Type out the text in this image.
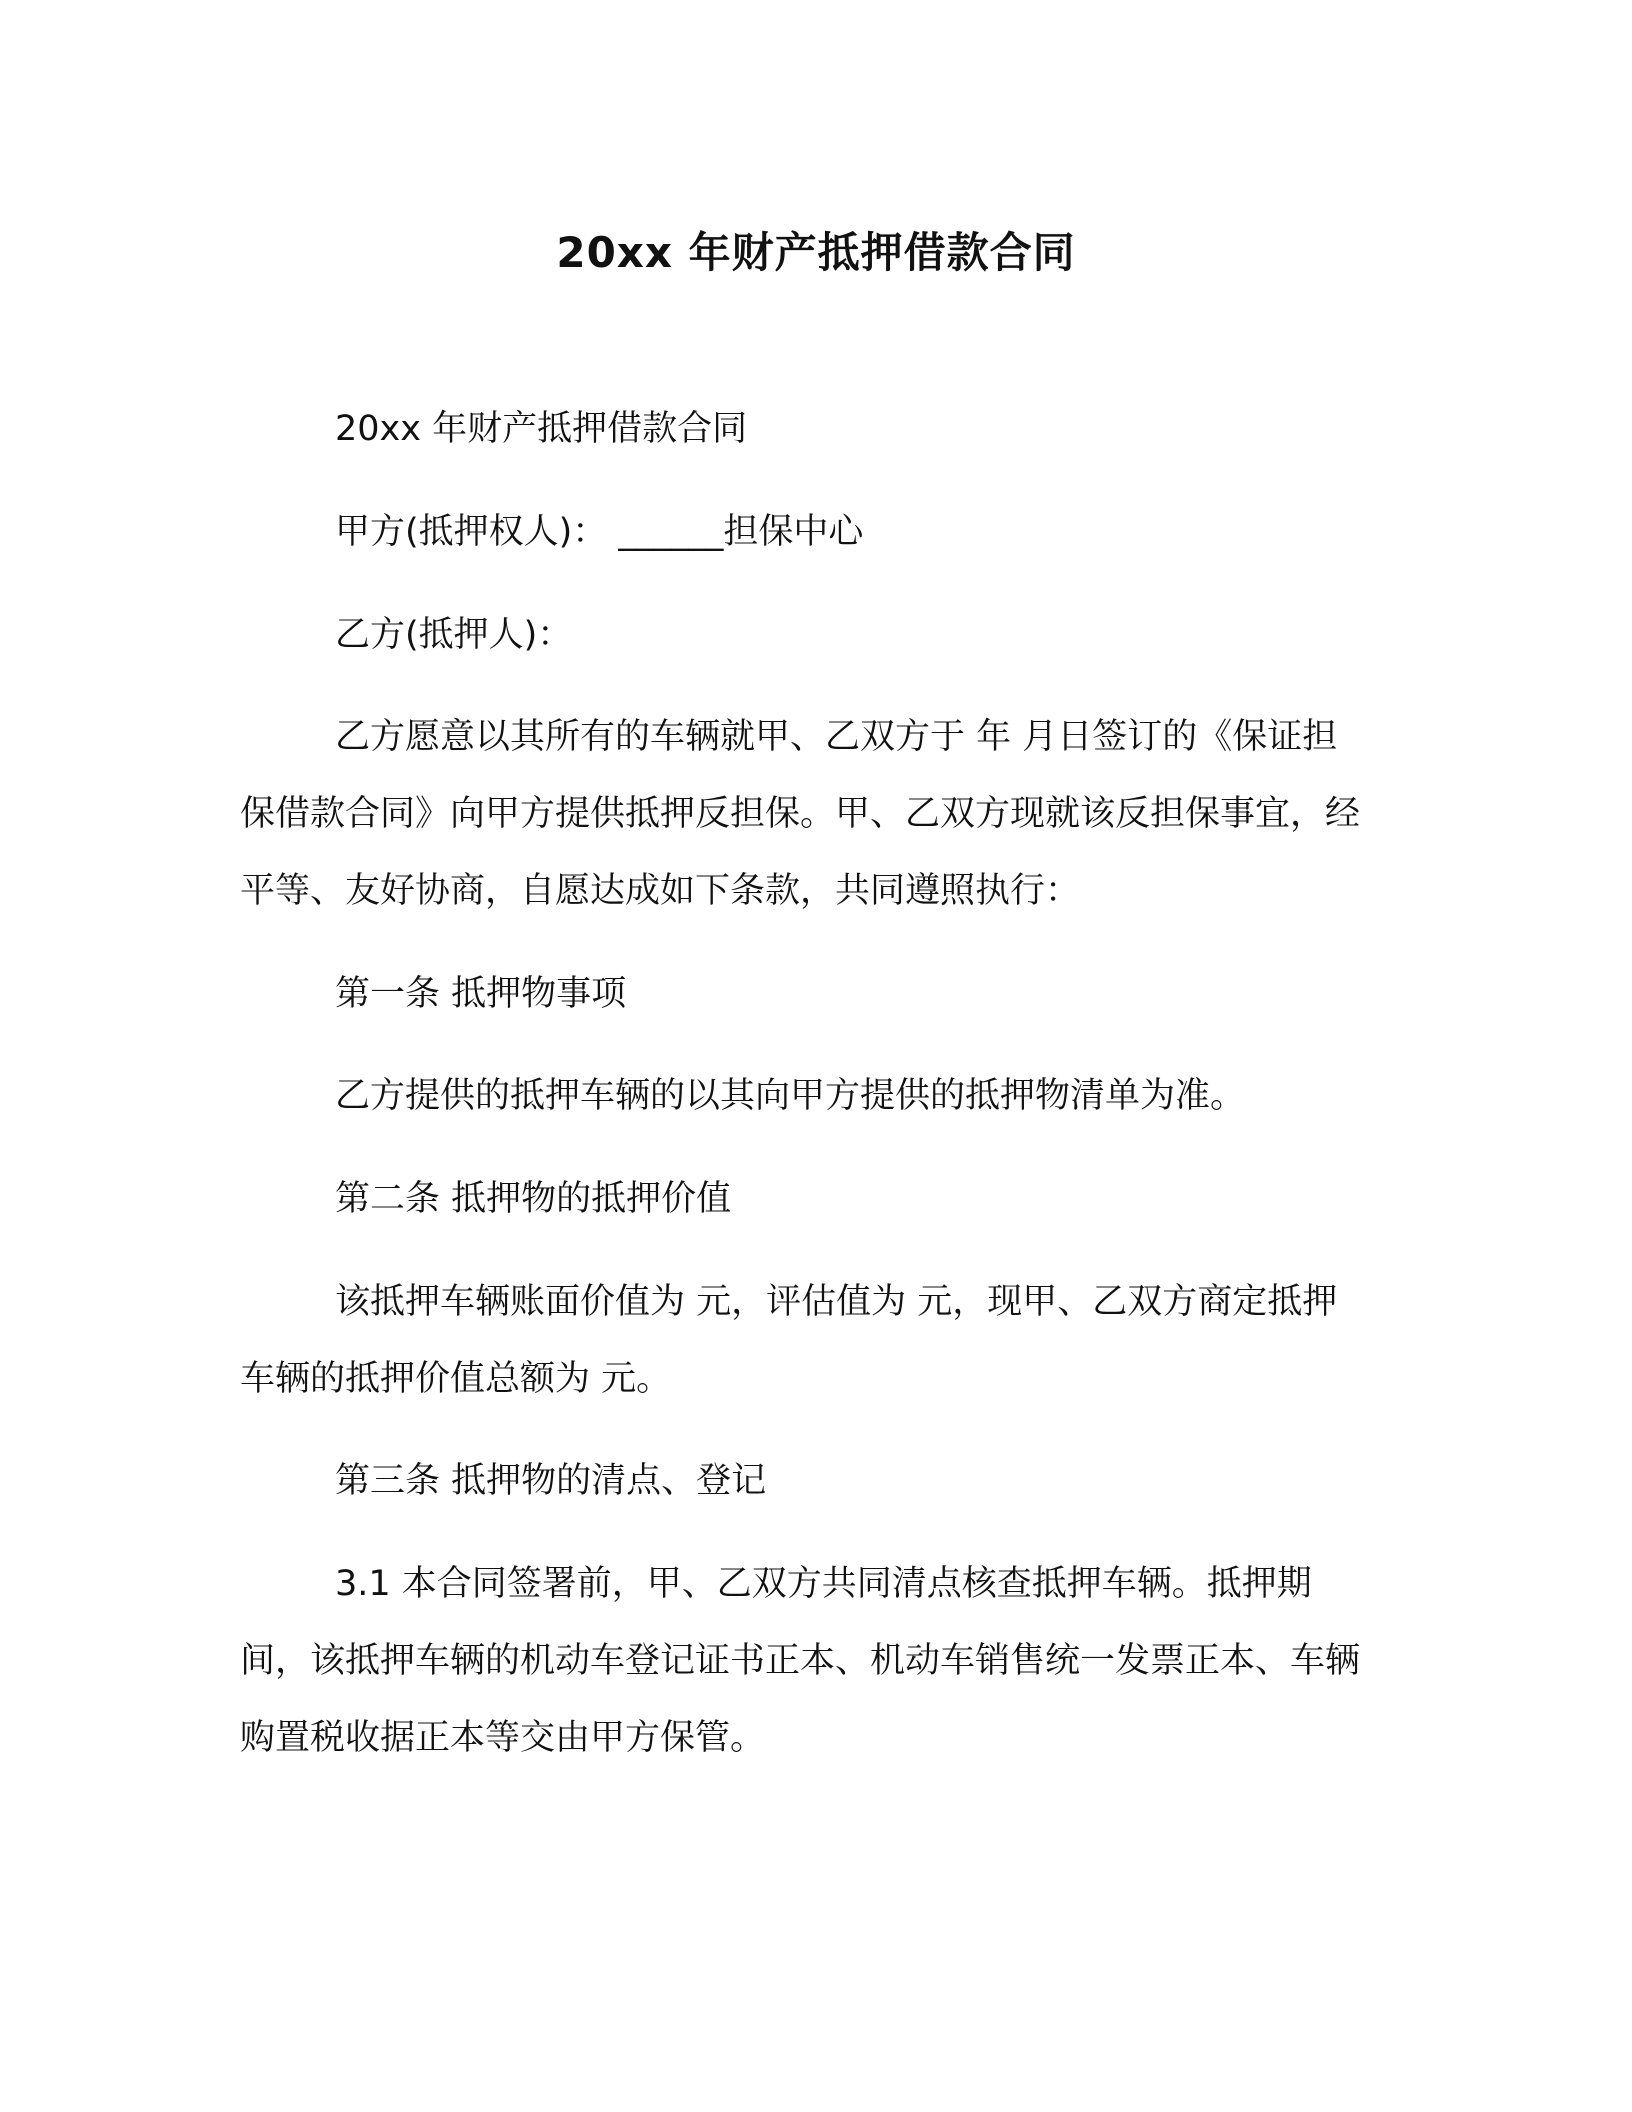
20xx 年财产抵押借款合同

20xx 年财产抵押借款合同

甲方(抵押权人)： ______担保中心

乙方(抵押人)：

乙方愿意以其所有的车辆就甲、乙双方于 年 月日签订的《保证担保借款合同》向甲方提供抵押反担保。甲、乙双方现就该反担保事宜，经平等、友好协商，自愿达成如下条款，共同遵照执行：

第一条 抵押物事项

乙方提供的抵押车辆的以其向甲方提供的抵押物清单为准。

第二条 抵押物的抵押价值

该抵押车辆账面价值为 元，评估值为 元，现甲、乙双方商定抵押车辆的抵押价值总额为 元。

第三条 抵押物的清点、登记

3.1 本合同签署前，甲、乙双方共同清点核查抵押车辆。抵押期间，该抵押车辆的机动车登记证书正本、机动车销售统一发票正本、车辆购置税收据正本等交由甲方保管。
